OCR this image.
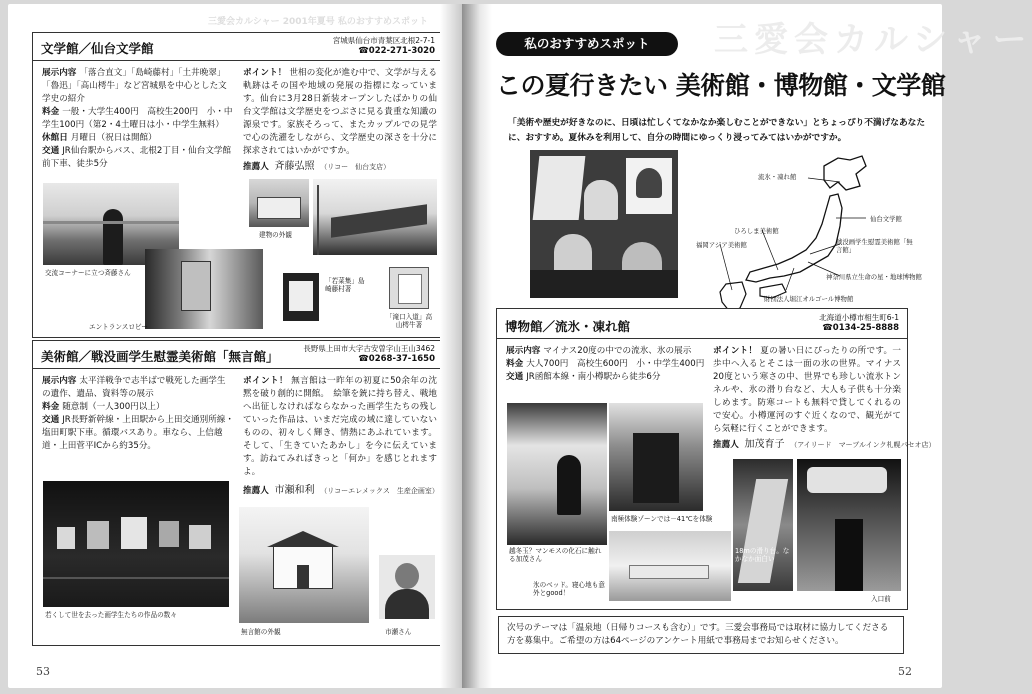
三愛会カルシャー 2001年夏号 私のおすすめスポット
文学館／仙台文学館
宮城県仙台市青葉区北根2-7-1
☎022-271-3020
展示内容 「落合直文」「島崎藤村」「土井晩翠」「魯迅」「高山樗牛」など宮城県を中心とした文学史の紹介
料金 一般・大学生400円　高校生200円　小・中学生100円（第2・4土曜日は小・中学生無料）
休館日 月曜日（祝日は開館）
交通 JR仙台駅からバス、北根2丁目・仙台文学館前下車、徒歩5分
ポイント！ 世相の変化が進む中で、文学が与える軌跡はその国や地域の発展の指標になっています。仙台に3月28日新装オープンしたばかりの仙台文学館は文学歴史をつぶさに見る貴重な知識の源泉です。家族そろって、またカップルでの見学で心の洗濯をしながら、文学歴史の深さを十分に探求されてはいかがですか。
推薦人 斉藤弘照 （リコー　仙台支店）
建物の外観
交流コーナーに立つ斉藤さん
エントランスロビー
「若菜集」島崎藤村著
「滝口入道」高山樗牛著
美術館／戦没画学生慰霊美術館「無言館」
長野県上田市大字古安曽字山王山3462
☎0268-37-1650
展示内容 太平洋戦争で志半ばで戦死した画学生の遺作、遺品、資料等の展示
料金 随意制（一人300円以上）
交通 JR長野新幹線・上田駅から上田交通別所線・塩田町駅下車。循環バスあり。車なら、上信越道・上田菅平ICから約35分。
ポイント！ 無言館は一昨年の初夏に50余年の沈黙を破り創的に開館。　絵筆を銃に持ち替え、戦地へ出征しなければならなかった画学生たちの残していった作品は、いまだ完成の域に達していないものの、初々しく輝き、情熱にあふれています。そして、「生きていたあかし」を今に伝えています。訪ねてみればきっと「何か」を感じとれますよ。
推薦人 市瀬和利 （リコーエレメックス　生産企画室）
若くして世を去った画学生たちの作品の数々
無言館の外観	市瀬さん
53
三愛会カルシャー
私のおすすめスポット
この夏行きたい 美術館・博物館・文学館
「美術や歴史が好きなのに、日頃は忙しくてなかなか楽しむことができない」とちょっぴり不満げなあなたに、おすすめ。夏休みを利用して、自分の時間にゆっくり浸ってみてはいかがですか。
流氷・凍れ館
仙台文学館
ひろしま美術館
福岡アジア美術館	戦没画学生慰霊美術館「無言館」
神奈川県立生命の星・地球博物館
財団法人堀江オルゴール博物館
博物館／流氷・凍れ館
北海道小樽市相生町6-1
☎0134-25-8888
展示内容 マイナス20度の中での流氷、氷の展示
料金 大人700円　高校生600円　小・中学生400円
交通 JR函館本線・南小樽駅から徒歩6分
ポイント！ 夏の暑い日にぴったりの所です。一歩中へ入るとそこは一面の氷の世界。マイナス20度という寒さの中、世界でも珍しい流氷トンネルや、氷の滑り台など、大人も子供も十分楽しめます。防寒コートも無料で貸してくれるので安心。小樽運河のすぐ近くなので、観光がてら気軽に行くことができます。
推薦人 加茂育子 （アイリード　マーブルインク札幌パセオ店）
南極体験ゾーンでは－41℃を体験
越冬玉？マンモスの化石に触れる加茂さん
18mの滑り台。なかなか面白い
氷のベッド。寝心地も意外とgood！
入口前
次号のテーマは「温泉地（日帰りコースも含む）」です。三愛会事務局では取材に協力してくださる方を募集中。ご希望の方は64ページのアンケート用紙で事務局までお知らせください。
52
